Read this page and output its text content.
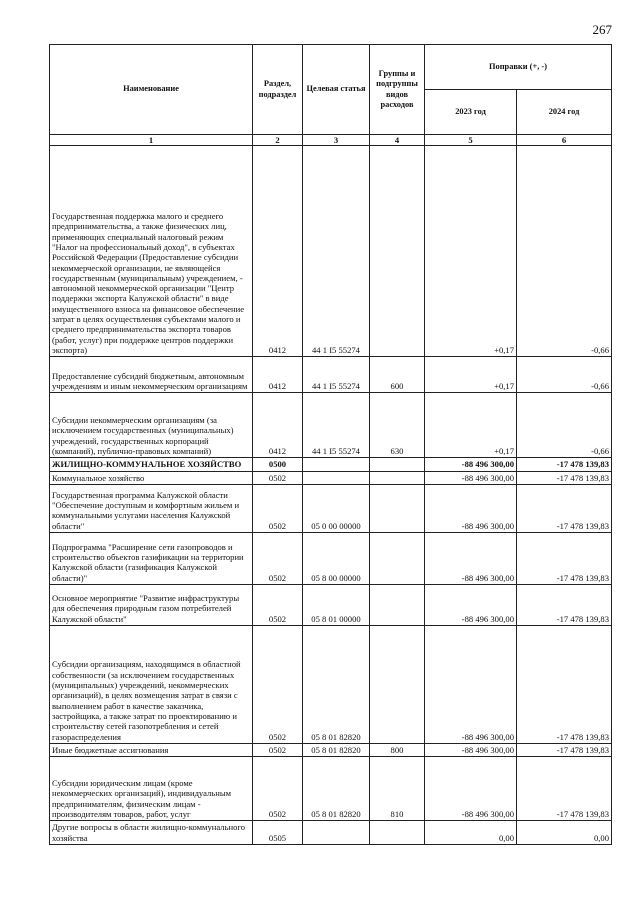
267
Наименование	Раздел, подраздел	Целевая статья	Группы и подгруппы видов расходов	Поправки (+, -)	
				2023 год	2024 год
1	2	3	4	5	6
Государственная поддержка малого и среднего предпринимательства, а также физических лиц, применяющих специальный налоговый режим "Налог на профессиональный доход", в субъектах Российской Федерации (Предоставление субсидии некоммерческой организации, не являющейся государственным (муниципальным) учреждением, - автономной некоммерческой организации "Центр поддержки экспорта Калужской области" в виде имущественного взноса на финансовое обеспечение затрат в целях осуществления субъектами малого и среднего предпринимательства экспорта товаров (работ, услуг) при поддержке центров поддержки экспорта)	0412	44 1 I5 55274		+0,17	-0,66
Предоставление субсидий бюджетным, автономным учреждениям и иным некоммерческим организациям	0412	44 1 I5 55274	600	+0,17	-0,66
Субсидии некоммерческим организациям (за исключением государственных (муниципальных) учреждений, государственных корпораций (компаний), публично-правовых компаний)	0412	44 1 I5 55274	630	+0,17	-0,66
ЖИЛИЩНО-КОММУНАЛЬНОЕ ХОЗЯЙСТВО	0500			-88 496 300,00	-17 478 139,83
Коммунальное хозяйство	0502			-88 496 300,00	-17 478 139,83
Государственная программа Калужской области "Обеспечение доступным и комфортным жильем и коммунальными услугами населения Калужской области"	0502	05 0 00 00000		-88 496 300,00	-17 478 139,83
Подпрограмма "Расширение сети газопроводов и строительство объектов газификации на территории Калужской области (газификация Калужской области)"	0502	05 8 00 00000		-88 496 300,00	-17 478 139,83
Основное мероприятие "Развитие инфраструктуры для обеспечения природным газом потребителей Калужской области"	0502	05 8 01 00000		-88 496 300,00	-17 478 139,83
Субсидии организациям, находящимся в областной собственности (за исключением государственных (муниципальных) учреждений, некоммерческих организаций), в целях возмещения затрат в связи с выполнением работ в качестве заказчика, застройщика, а также затрат по проектированию и строительству сетей газопотребления и сетей газораспределения	0502	05 8 01 82820		-88 496 300,00	-17 478 139,83
Иные бюджетные ассигнования	0502	05 8 01 82820	800	-88 496 300,00	-17 478 139,83
Субсидии юридическим лицам (кроме некоммерческих организаций), индивидуальным предпринимателям, физическим лицам - производителям товаров, работ, услуг	0502	05 8 01 82820	810	-88 496 300,00	-17 478 139,83
Другие вопросы в области жилищно-коммунального хозяйства	0505			0,00	0,00
